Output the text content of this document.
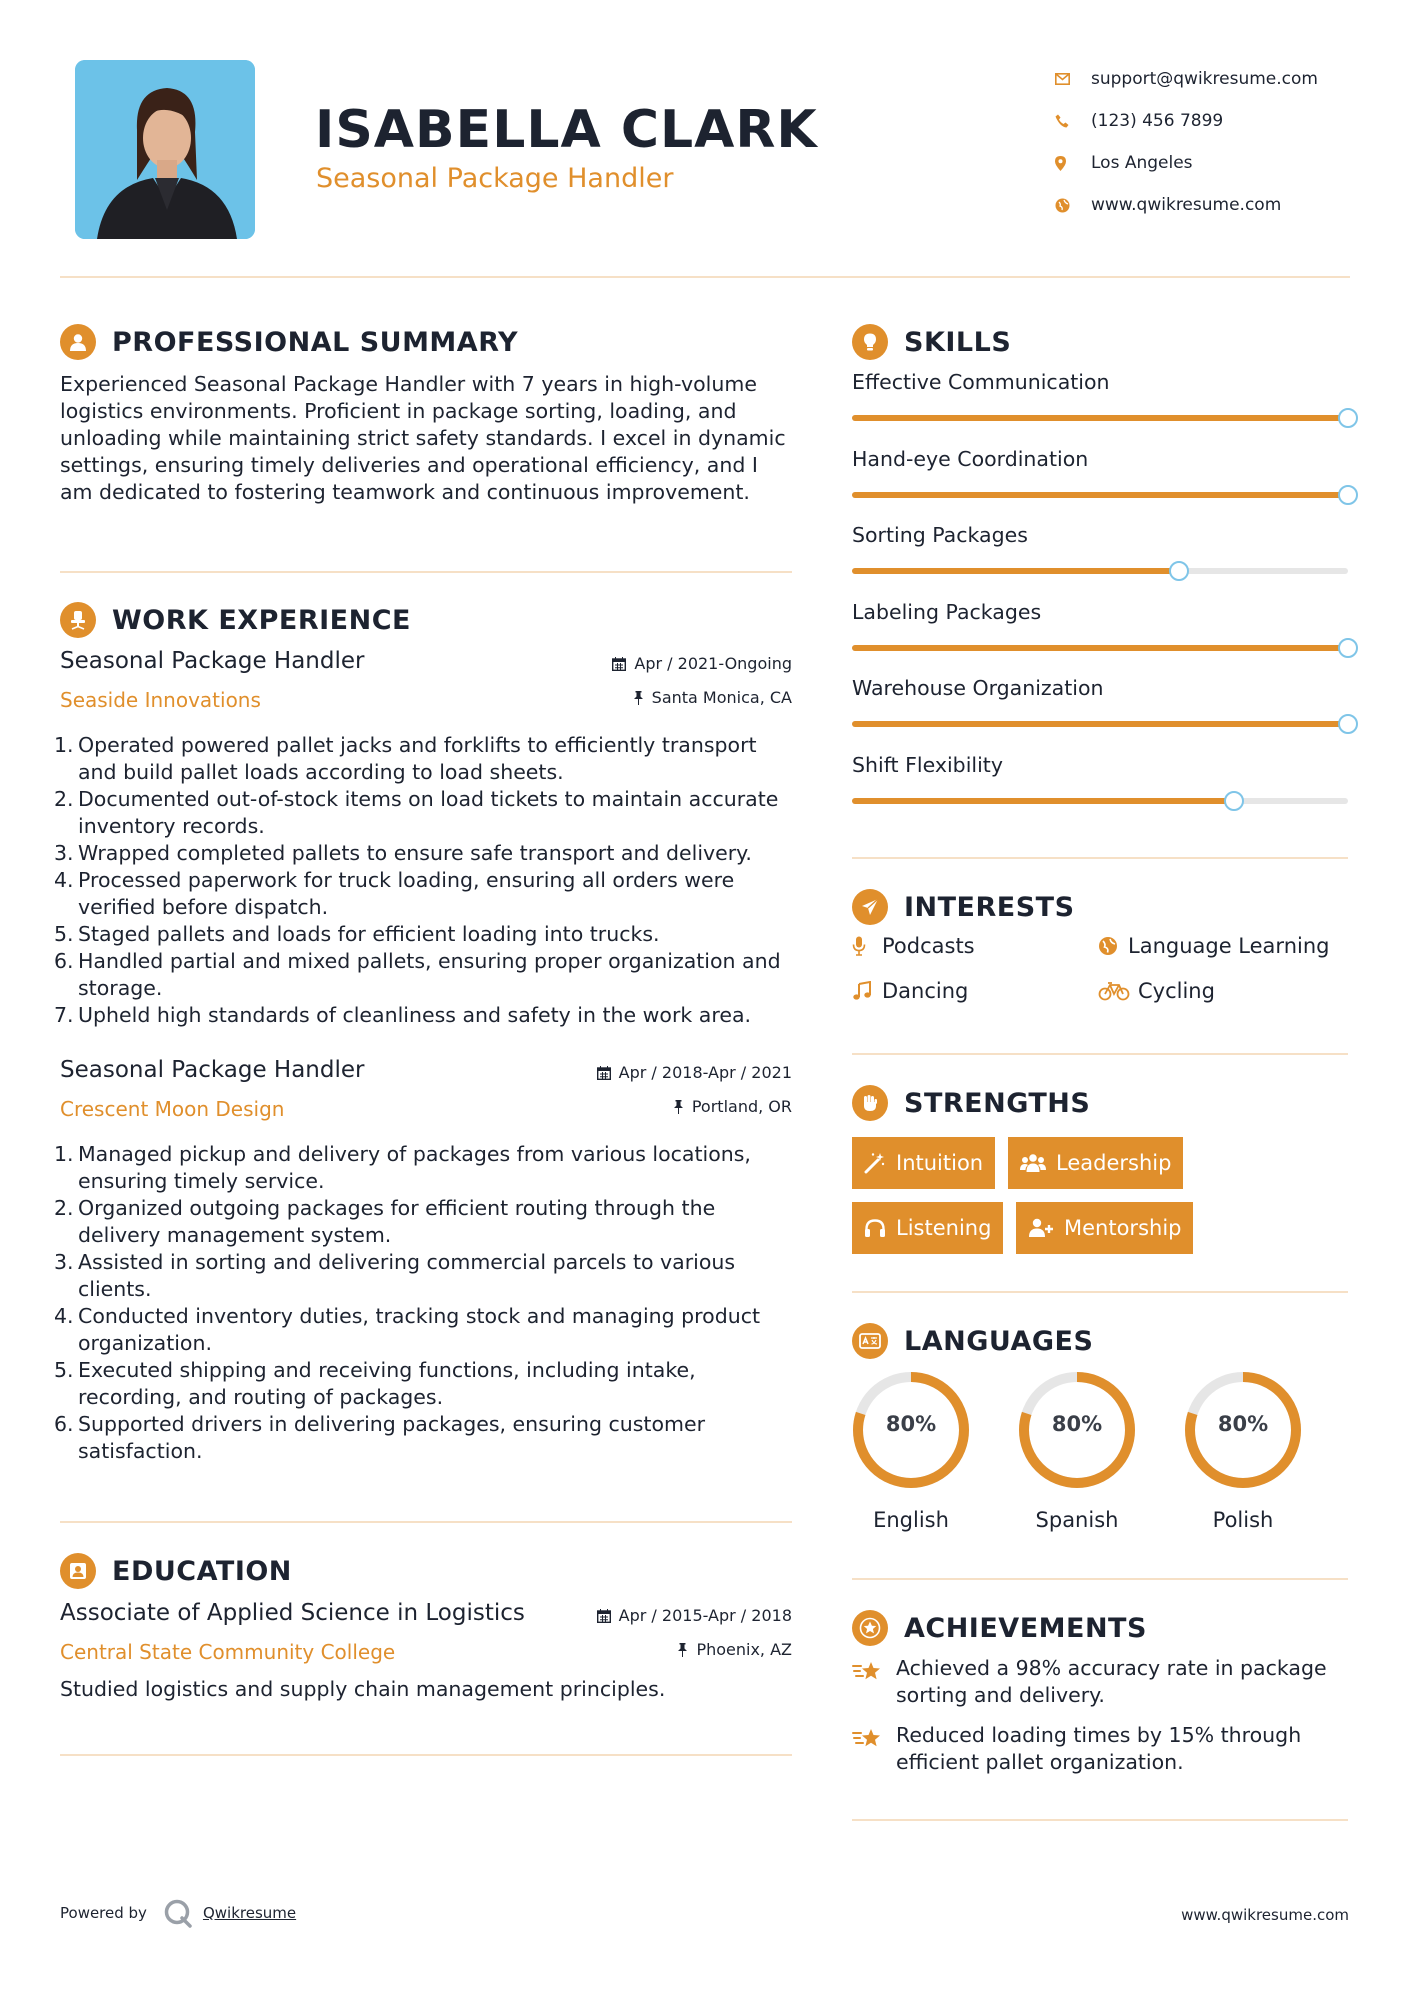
ISABELLA CLARK
Seasonal Package Handler
support@qwikresume.com
(123) 456 7899
Los Angeles
www.qwikresume.com
PROFESSIONAL SUMMARY
Experienced Seasonal Package Handler with 7 years in high-volume logistics environments. Proficient in package sorting, loading, and unloading while maintaining strict safety standards. I excel in dynamic settings, ensuring timely deliveries and operational efficiency, and I am dedicated to fostering teamwork and continuous improvement.
WORK EXPERIENCE
Seasonal Package Handler	Apr / 2021-Ongoing
Seaside Innovations	Santa Monica, CA
1. Operated powered pallet jacks and forklifts to efficiently transport and build pallet loads according to load sheets.
2. Documented out-of-stock items on load tickets to maintain accurate inventory records.
3. Wrapped completed pallets to ensure safe transport and delivery.
4. Processed paperwork for truck loading, ensuring all orders were verified before dispatch.
5. Staged pallets and loads for efficient loading into trucks.
6. Handled partial and mixed pallets, ensuring proper organization and storage.
7. Upheld high standards of cleanliness and safety in the work area.
Seasonal Package Handler	Apr / 2018-Apr / 2021
Crescent Moon Design	Portland, OR
1. Managed pickup and delivery of packages from various locations, ensuring timely service.
2. Organized outgoing packages for efficient routing through the delivery management system.
3. Assisted in sorting and delivering commercial parcels to various clients.
4. Conducted inventory duties, tracking stock and managing product organization.
5. Executed shipping and receiving functions, including intake, recording, and routing of packages.
6. Supported drivers in delivering packages, ensuring customer satisfaction.
EDUCATION
Associate of Applied Science in Logistics	Apr / 2015-Apr / 2018
Central State Community College	Phoenix, AZ
Studied logistics and supply chain management principles.
SKILLS
Effective Communication
Hand-eye Coordination
Sorting Packages
Labeling Packages
Warehouse Organization
Shift Flexibility
INTERESTS
Podcasts	Language Learning
Dancing	Cycling
STRENGTHS
Intuition	Leadership
Listening	Mentorship
LANGUAGES
80%
English
80%
Spanish
80%
Polish
ACHIEVEMENTS
Achieved a 98% accuracy rate in package sorting and delivery.
Reduced loading times by 15% through efficient pallet organization.
Powered by	Qwikresume	www.qwikresume.com
